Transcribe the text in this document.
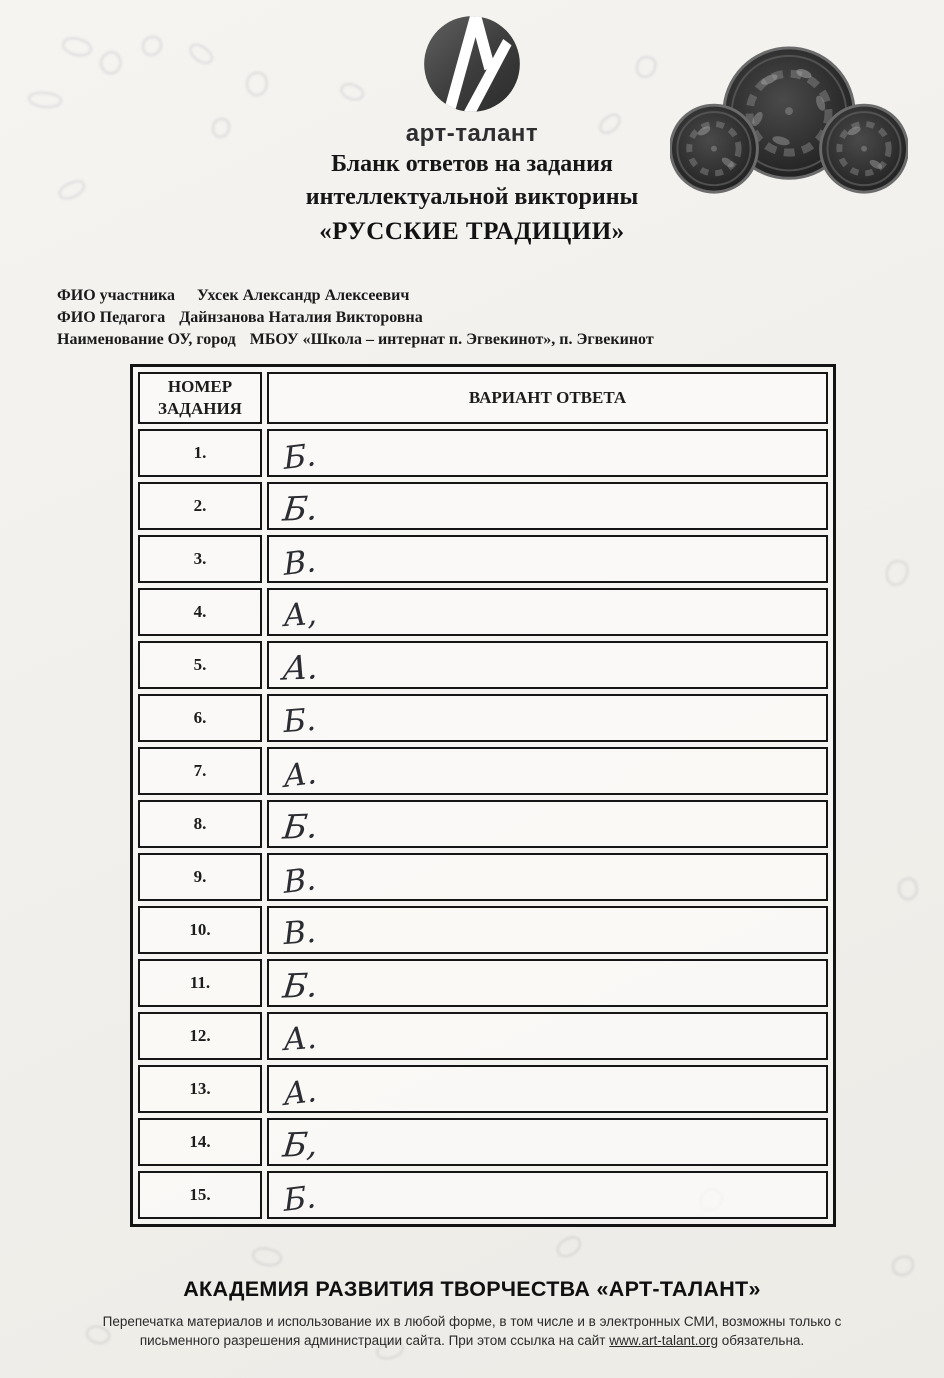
арт-талант
Бланк ответов на задания
интеллектуальной викторины
«РУССКИЕ ТРАДИЦИИ»
ФИО участника Ухсек Александр Алексеевич
ФИО Педагога Дайнзанова Наталия Викторовна
Наименование ОУ, город МБОУ «Школа – интернат п. Эгвекинот», п. Эгвекинот
НОМЕР ЗАДАНИЯ	ВАРИАНТ ОТВЕТА
1.	Б.
2.	Б.
3.	В.
4.	А,
5.	А.
6.	Б.
7.	А.
8.	Б.
9.	В.
10.	В.
11.	Б.
12.	А.
13.	А.
14.	Б,
15.	Б.
АКАДЕМИЯ РАЗВИТИЯ ТВОРЧЕСТВА «АРТ-ТАЛАНТ»
Перепечатка материалов и использование их в любой форме, в том числе и в электронных СМИ, возможны только с письменного разрешения администрации сайта. При этом ссылка на сайт www.art-talant.org обязательна.
